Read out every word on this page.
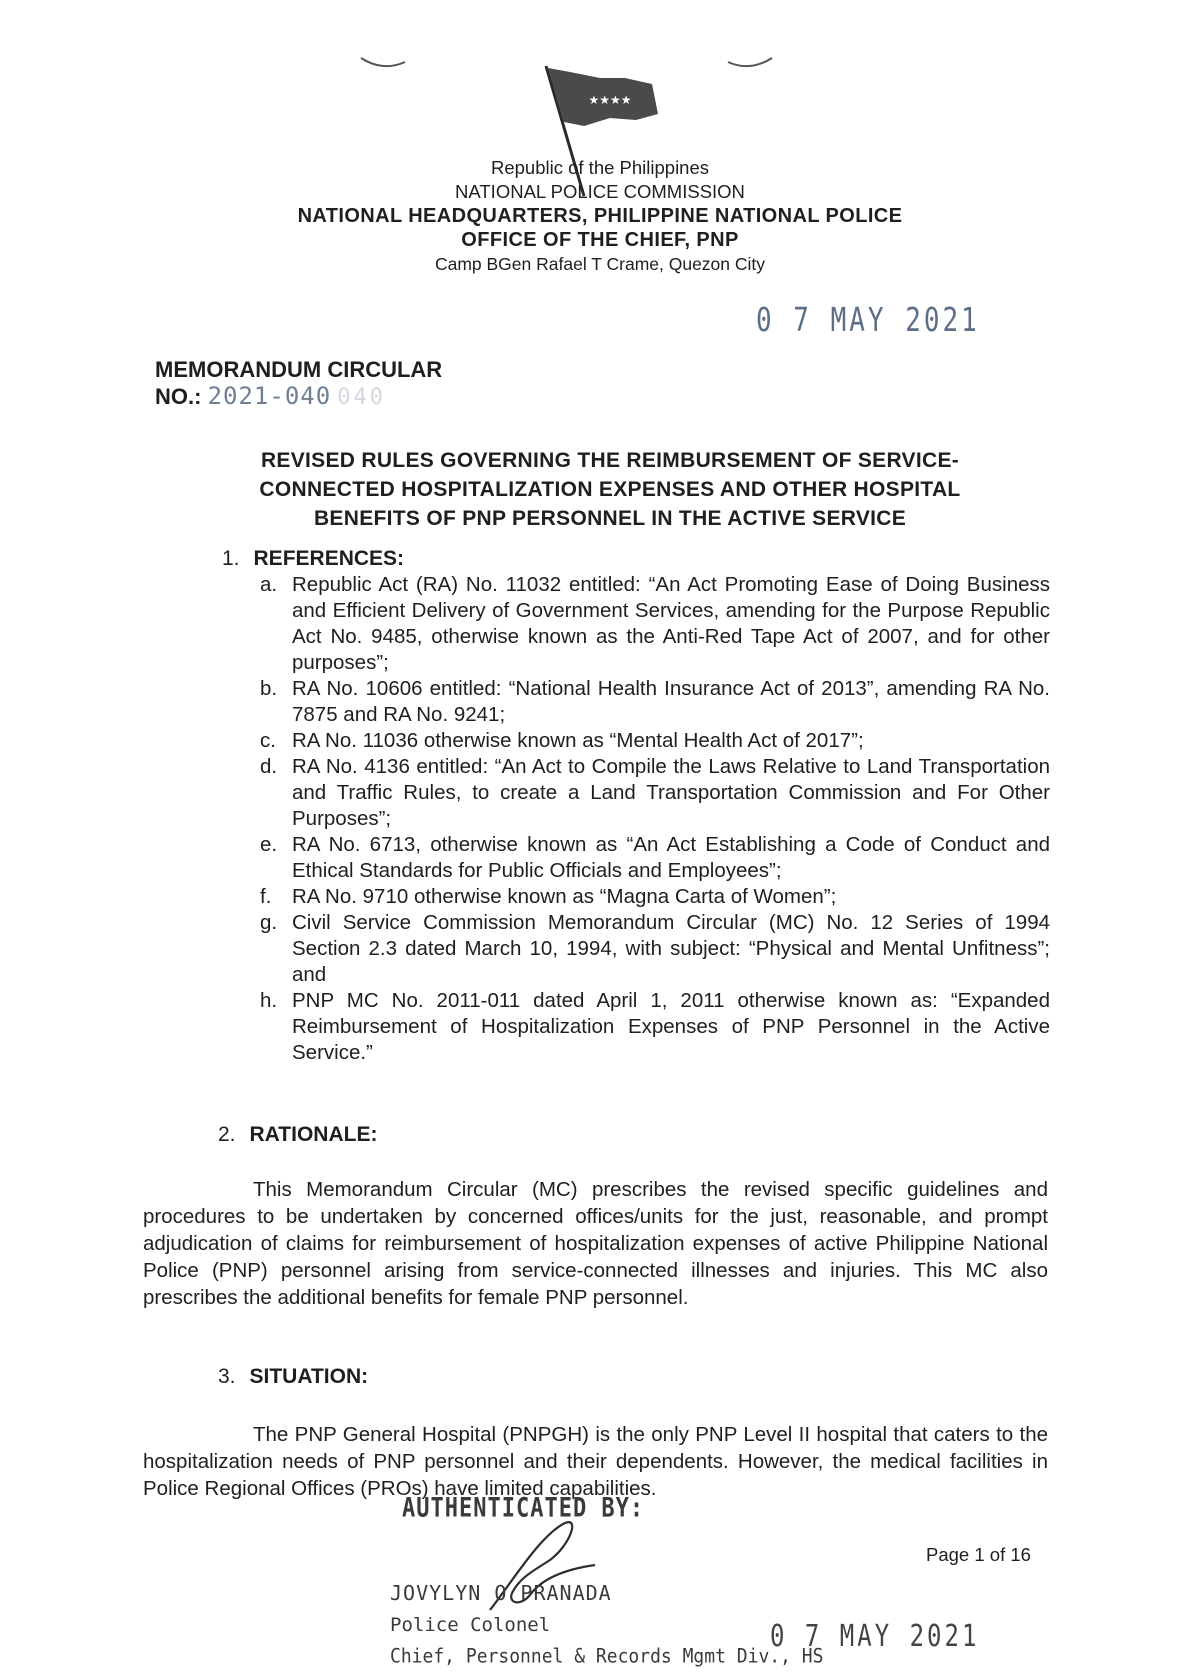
★★★★
Republic of the Philippines
NATIONAL POLICE COMMISSION
NATIONAL HEADQUARTERS, PHILIPPINE NATIONAL POLICE
OFFICE OF THE CHIEF, PNP
Camp BGen Rafael T Crame, Quezon City
0 7 MAY 2021
MEMORANDUM CIRCULAR
NO.: 2021-040 040
REVISED RULES GOVERNING THE REIMBURSEMENT OF SERVICE-
CONNECTED HOSPITALIZATION EXPENSES AND OTHER HOSPITAL
BENEFITS OF PNP PERSONNEL IN THE ACTIVE SERVICE
1. REFERENCES:
a. Republic Act (RA) No. 11032 entitled: “An Act Promoting Ease of Doing Business and Efficient Delivery of Government Services, amending for the Purpose Republic Act No. 9485, otherwise known as the Anti-Red Tape Act of 2007, and for other purposes”;
b. RA No. 10606 entitled: “National Health Insurance Act of 2013”, amending RA No. 7875 and RA No. 9241;
c. RA No. 11036 otherwise known as “Mental Health Act of 2017”;
d. RA No. 4136 entitled: “An Act to Compile the Laws Relative to Land Transportation and Traffic Rules, to create a Land Transportation Commission and For Other Purposes”;
e. RA No. 6713, otherwise known as “An Act Establishing a Code of Conduct and Ethical Standards for Public Officials and Employees”;
f. RA No. 9710 otherwise known as “Magna Carta of Women”;
g. Civil Service Commission Memorandum Circular (MC) No. 12 Series of 1994 Section 2.3 dated March 10, 1994, with subject: “Physical and Mental Unfitness”; and
h. PNP MC No. 2011-011 dated April 1, 2011 otherwise known as: “Expanded Reimbursement of Hospitalization Expenses of PNP Personnel in the Active Service.”
2. RATIONALE:

This Memorandum Circular (MC) prescribes the revised specific guidelines and procedures to be undertaken by concerned offices/units for the just, reasonable, and prompt adjudication of claims for reimbursement of hospitalization expenses of active Philippine National Police (PNP) personnel arising from service-connected illnesses and injuries. This MC also prescribes the additional benefits for female PNP personnel.

3. SITUATION:

The PNP General Hospital (PNPGH) is the only PNP Level II hospital that caters to the hospitalization needs of PNP personnel and their dependents. However, the medical facilities in Police Regional Offices (PROs) have limited capabilities.

AUTHENTICATED BY:
Page 1 of 16
JOVYLYN O PRANADA
Police Colonel
Chief, Personnel & Records Mgmt Div., HS
0 7 MAY 2021
